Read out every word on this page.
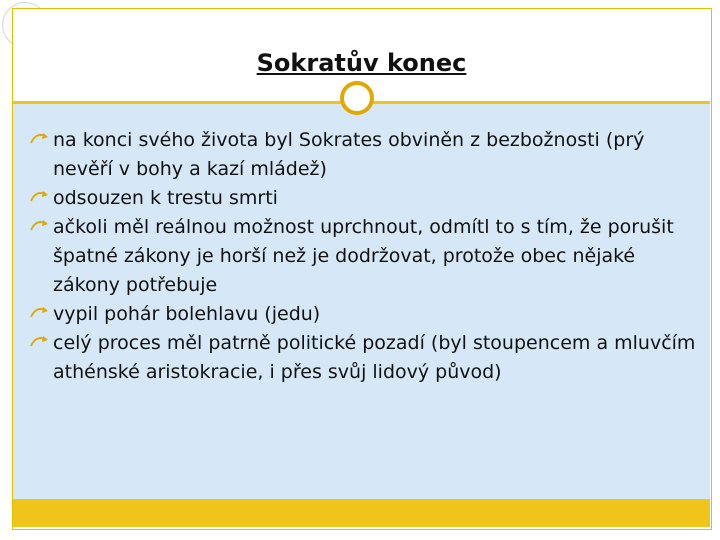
Sokratův konec
na konci svého života byl Sokrates obviněn z bezbožnosti (prý nevěří v bohy a kazí mládež)
odsouzen k trestu smrti
ačkoli měl reálnou možnost uprchnout, odmítl to s tím, že porušit špatné zákony je horší než je dodržovat, protože obec nějaké zákony potřebuje
vypil pohár bolehlavu (jedu)
celý proces měl patrně politické pozadí (byl stoupencem a mluvčím athénské aristokracie, i přes svůj lidový původ)
